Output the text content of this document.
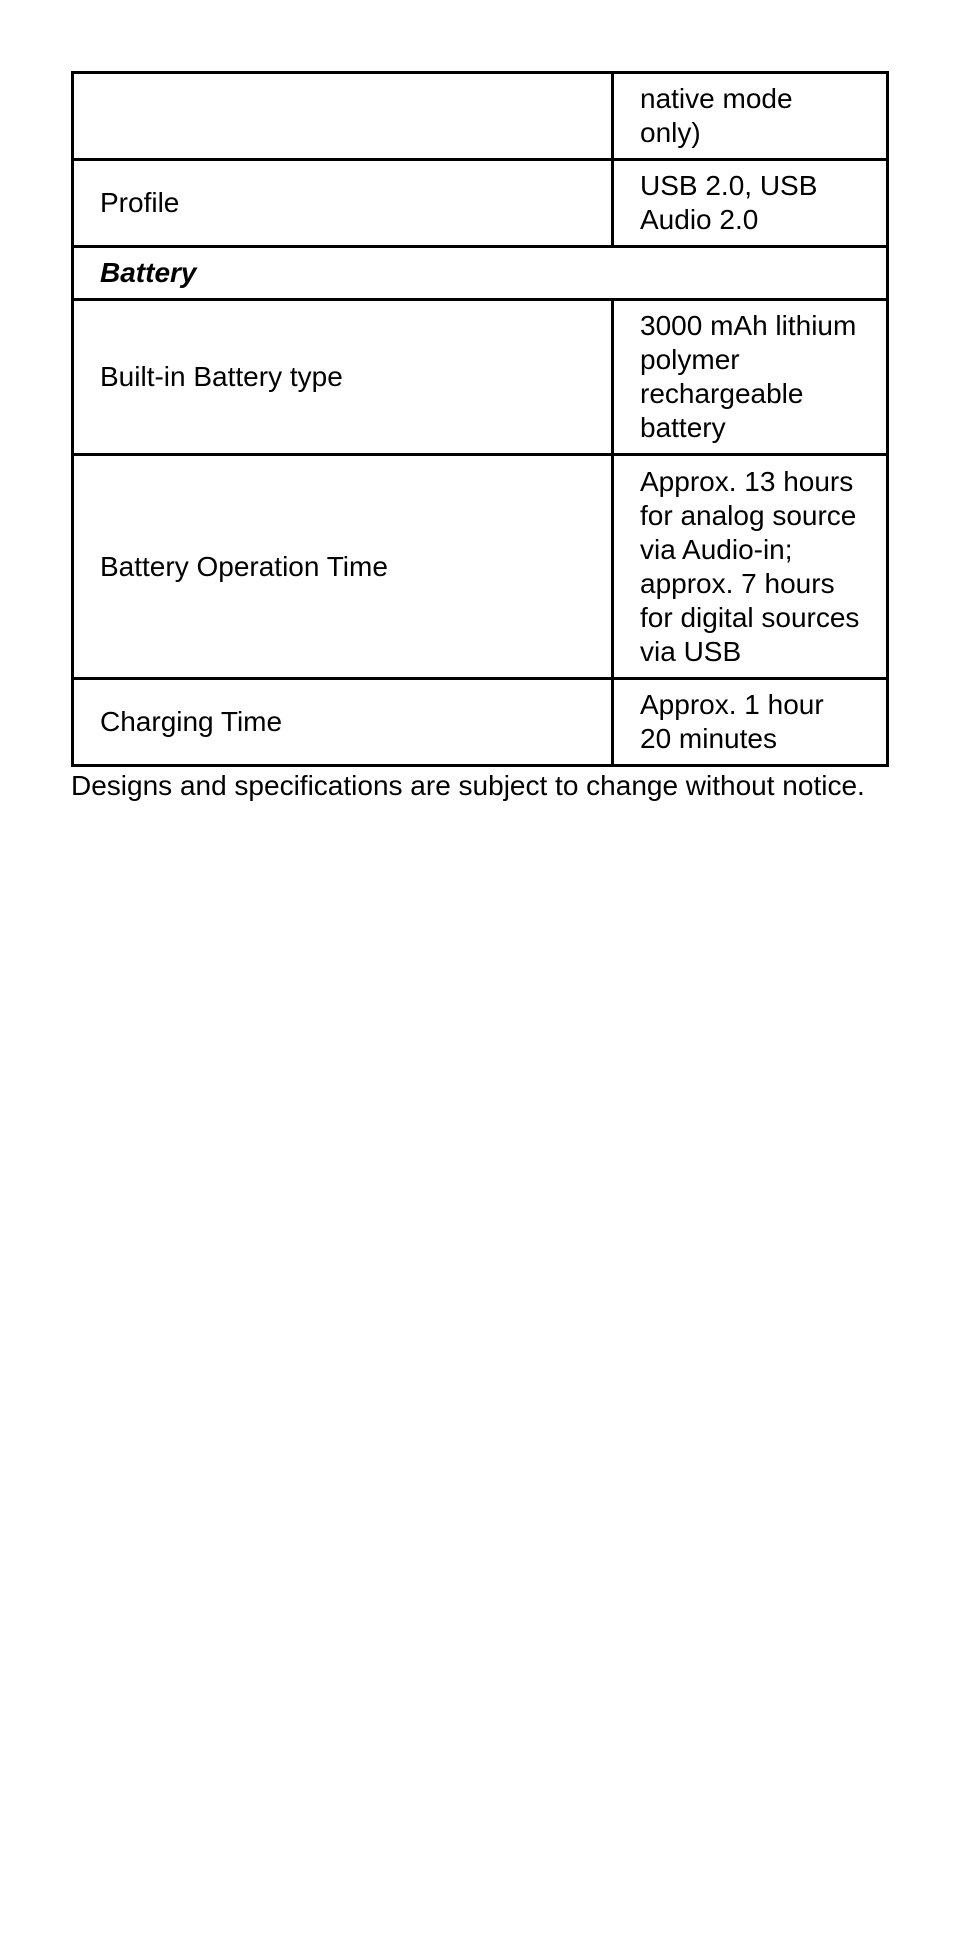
	native mode only)
Profile	USB 2.0, USB Audio 2.0
Battery	
Built-in Battery type	3000 mAh lithium polymer rechargeable battery
Battery Operation Time	Approx. 13 hours for analog source via Audio-in; approx. 7 hours for digital sources via USB
Charging Time	Approx. 1 hour 20 minutes
Designs and specifications are subject to change without notice.
